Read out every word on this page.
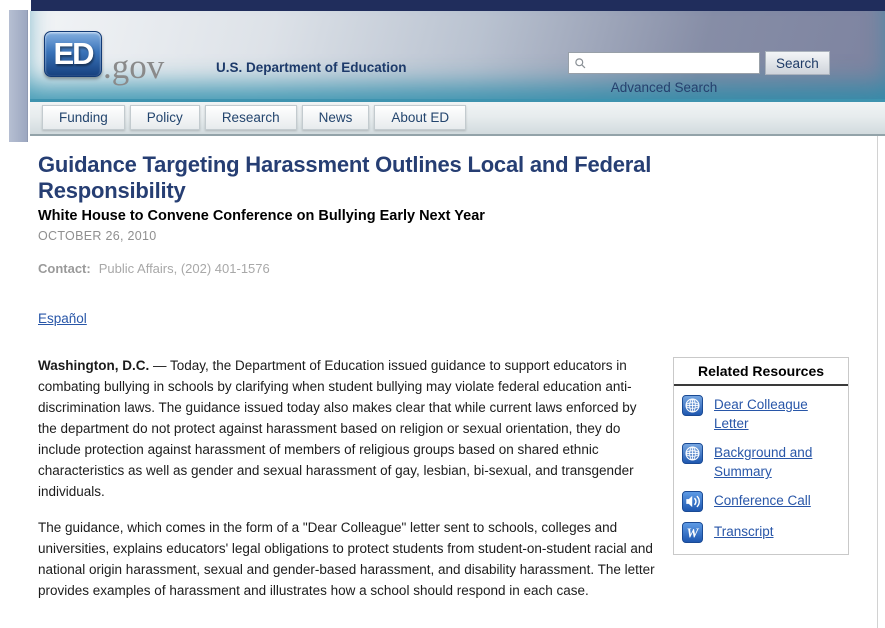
ED .gov	U.S. Department of Education	Search
Advanced Search
Funding	Policy	Research	News	About ED
Guidance Targeting Harassment Outlines Local and Federal Responsibility
White House to Convene Conference on Bullying Early Next Year
OCTOBER 26, 2010
Contact: Public Affairs, (202) 401-1576
Español
Related Resources
Dear Colleague Letter
Background and Summary
Conference Call
W Transcript

Washington, D.C. — Today, the Department of Education issued guidance to support educators in combating bullying in schools by clarifying when student bullying may violate federal education anti-discrimination laws. The guidance issued today also makes clear that while current laws enforced by the department do not protect against harassment based on religion or sexual orientation, they do include protection against harassment of members of religious groups based on shared ethnic characteristics as well as gender and sexual harassment of gay, lesbian, bi-sexual, and transgender individuals.

The guidance, which comes in the form of a "Dear Colleague" letter sent to schools, colleges and universities, explains educators' legal obligations to protect students from student-on-student racial and national origin harassment, sexual and gender-based harassment, and disability harassment. The letter provides examples of harassment and illustrates how a school should respond in each case.
